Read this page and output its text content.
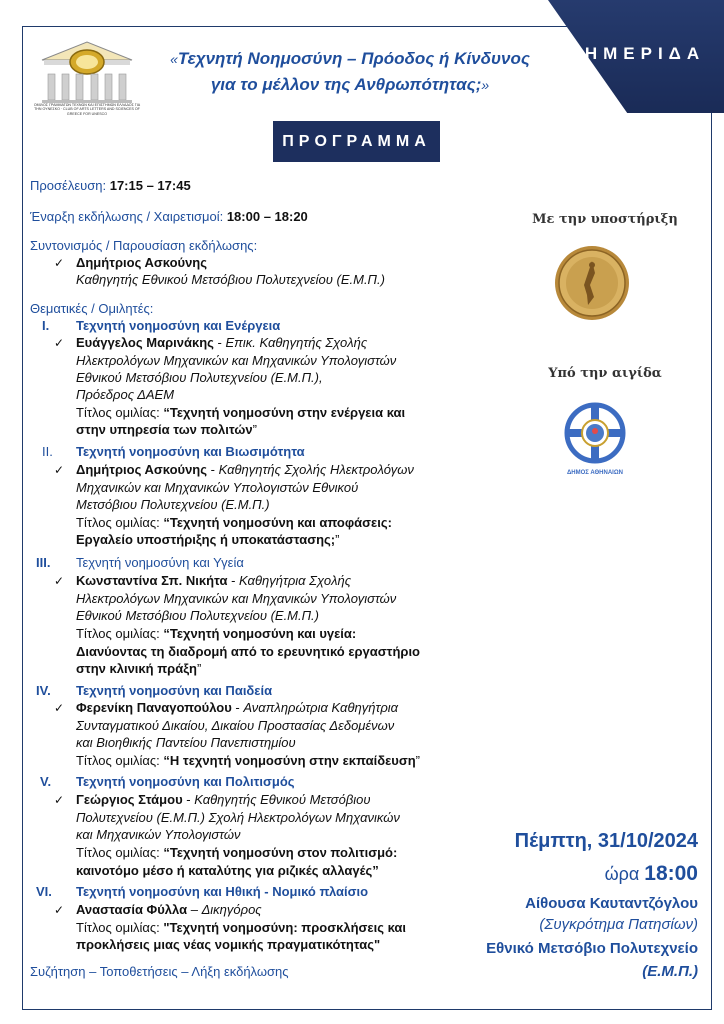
ΟΜΙΛΟΣ ΓΡΑΜΜΑΤΩΝ ΤΕΧΝΩΝ ΚΑΙ ΕΠΙΣΤΗΜΩΝ ΕΛΛΑΔΟΣ ΓΙΑ ΤΗΝ ΟΥΝΕΣΚΟ · CLUB OF ARTS LETTERS AND SCIENCES OF GREECE FOR UNESCO
«Τεχνητή Νοημοσύνη – Πρόοδος ή Κίνδυνος
για το μέλλον της Ανθρωπότητας;»
ΗΜΕΡΙΔΑ
ΠΡΟΓΡΑΜΜΑ
Προσέλευση: 17:15 – 17:45
Έναρξη εκδήλωσης / Χαιρετισμοί: 18:00 – 18:20
Συντονισμός / Παρουσίαση εκδήλωσης:
✓ Δημήτριος Ασκούνης
Καθηγητής Εθνικού Μετσόβιου Πολυτεχνείου (Ε.Μ.Π.)
Θεματικές / Ομιλητές:
I. Τεχνητή νοημοσύνη και Ενέργεια
✓ Ευάγγελος Μαρινάκης - Επικ. Καθηγητής Σχολής
Ηλεκτρολόγων Μηχανικών και Μηχανικών Υπολογιστών
Εθνικού Μετσόβιου Πολυτεχνείου (Ε.Μ.Π.),
Πρόεδρος ΔΑΕΜ
Τίτλος ομιλίας: “Τεχνητή νοημοσύνη στην ενέργεια και
στην υπηρεσία των πολιτών”
II. Τεχνητή νοημοσύνη και Βιωσιμότητα
✓ Δημήτριος Ασκούνης - Καθηγητής Σχολής Ηλεκτρολόγων
Μηχανικών και Μηχανικών Υπολογιστών Εθνικού
Μετσόβιου Πολυτεχνείου (Ε.Μ.Π.)
Τίτλος ομιλίας: “Τεχνητή νοημοσύνη και αποφάσεις:
Εργαλείο υποστήριξης ή υποκατάστασης;”
III. Τεχνητή νοημοσύνη και Υγεία
✓ Κωνσταντίνα Σπ. Νικήτα - Καθηγήτρια Σχολής
Ηλεκτρολόγων Μηχανικών και Μηχανικών Υπολογιστών
Εθνικού Μετσόβιου Πολυτεχνείου (Ε.Μ.Π.)
Τίτλος ομιλίας: “Τεχνητή νοημοσύνη και υγεία:
Διανύοντας τη διαδρομή από το ερευνητικό εργαστήριο
στην κλινική πράξη”
IV. Τεχνητή νοημοσύνη και Παιδεία
✓ Φερενίκη Παναγοπούλου - Αναπληρώτρια Καθηγήτρια
Συνταγματικού Δικαίου, Δικαίου Προστασίας Δεδομένων
και Βιοηθικής Παντείου Πανεπιστημίου
Τίτλος ομιλίας: “Η τεχνητή νοημοσύνη στην εκπαίδευση”
V. Τεχνητή νοημοσύνη και Πολιτισμός
✓ Γεώργιος Στάμου - Καθηγητής Εθνικού Μετσόβιου
Πολυτεχνείου (Ε.Μ.Π.) Σχολή Ηλεκτρολόγων Μηχανικών
και Μηχανικών Υπολογιστών
Τίτλος ομιλίας: “Τεχνητή νοημοσύνη στον πολιτισμό:
καινοτόμο μέσο ή καταλύτης για ριζικές αλλαγές”
VI. Τεχνητή νοημοσύνη και Ηθική - Νομικό πλαίσιο
✓ Αναστασία Φύλλα – Δικηγόρος
Τίτλος ομιλίας: "Τεχνητή νοημοσύνη: προσκλήσεις και
προκλήσεις μιας νέας νομικής πραγματικότητας"
Συζήτηση – Τοποθετήσεις – Λήξη εκδήλωσης
Με την υποστήριξη
Υπό την αιγίδα
ΔΗΜΟΣ ΑΘΗΝΑΙΩΝ
Πέμπτη, 31/10/2024
ώρα 18:00
Αίθουσα Καυταντζόγλου
(Συγκρότημα Πατησίων)
Εθνικό Μετσόβιο Πολυτεχνείο
(Ε.Μ.Π.)
